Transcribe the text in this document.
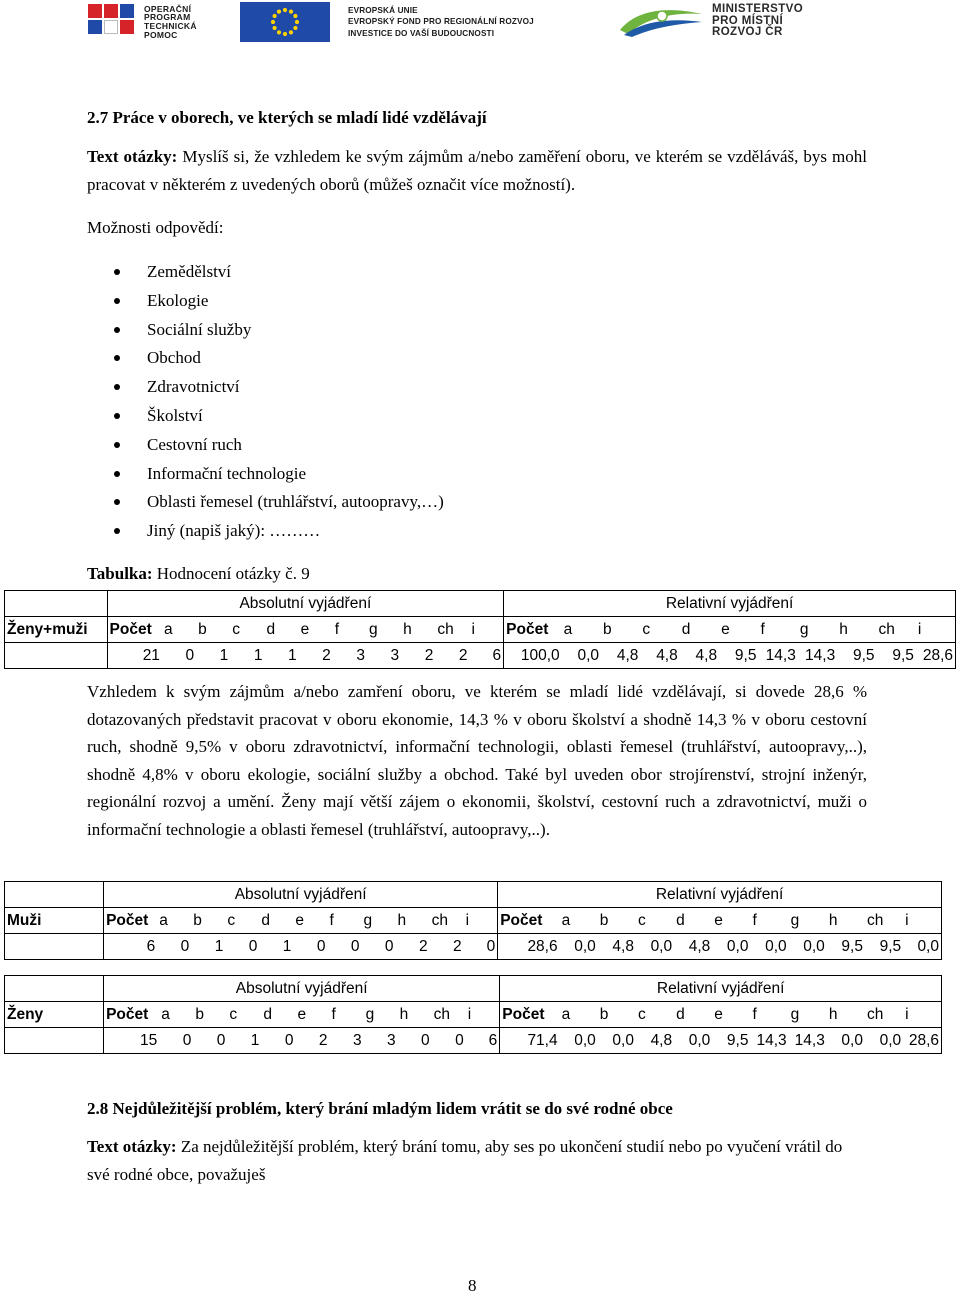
OPERAČNÍ
PROGRAM
TECHNICKÁ
POMOC
EVROPSKÁ UNIE
EVROPSKÝ FOND PRO REGIONÁLNÍ ROZVOJ
INVESTICE DO VAŠÍ BUDOUCNOSTI
MINISTERSTVO
PRO MÍSTNÍ
ROZVOJ ČR
2.7 Práce v oborech, ve kterých se mladí lidé vzdělávají
Text otázky: Myslíš si, že vzhledem ke svým zájmům a/nebo zaměření oboru, ve kterém se vzděláváš, bys mohl pracovat v některém z uvedených oborů (můžeš označit více možností).
Možnosti odpovědí:
Zemědělství
Ekologie
Sociální služby
Obchod
Zdravotnictví
Školství
Cestovní ruch
Informační technologie
Oblasti řemesel (truhlářství, autoopravy,…)
Jiný (napiš jaký): ………
Tabulka: Hodnocení otázky č. 9
	Absolutní vyjádření											Relativní vyjádření										
Ženy+muži	Počet	a	b	c	d	e	f	g	h	ch	i	Počet	a	b	c	d	e	f	g	h	ch	i
	21	0	1	1	1	2	3	3	2	2	6	100,0	0,0	4,8	4,8	4,8	9,5	14,3	14,3	9,5	9,5	28,6
Vzhledem k svým zájmům a/nebo zamření oboru, ve kterém se mladí lidé vzdělávají, si dovede 28,6 % dotazovaných představit pracovat v oboru ekonomie, 14,3 % v oboru školství a shodně 14,3 % v oboru cestovní ruch, shodně 9,5% v oboru zdravotnictví, informační technologii, oblasti řemesel (truhlářství, autoopravy,..), shodně 4,8% v oboru ekologie, sociální služby a obchod. Také byl uveden obor strojírenství, strojní inženýr, regionální rozvoj a umění. Ženy mají větší zájem o ekonomii, školství, cestovní ruch a zdravotnictví, muži o informační technologie a oblasti řemesel (truhlářství, autoopravy,..).
	Absolutní vyjádření											Relativní vyjádření										
Muži	Počet	a	b	c	d	e	f	g	h	ch	i	Počet	a	b	c	d	e	f	g	h	ch	i
	6	0	1	0	1	0	0	0	2	2	0	28,6	0,0	4,8	0,0	4,8	0,0	0,0	0,0	9,5	9,5	0,0
	Absolutní vyjádření											Relativní vyjádření										
Ženy	Počet	a	b	c	d	e	f	g	h	ch	i	Počet	a	b	c	d	e	f	g	h	ch	i
	15	0	0	1	0	2	3	3	0	0	6	71,4	0,0	0,0	4,8	0,0	9,5	14,3	14,3	0,0	0,0	28,6
2.8 Nejdůležitější problém, který brání mladým lidem vrátit se do své rodné obce
Text otázky: Za nejdůležitější problém, který brání tomu, aby ses po ukončení studií nebo po vyučení vrátil do své rodné obce, považuješ
8
